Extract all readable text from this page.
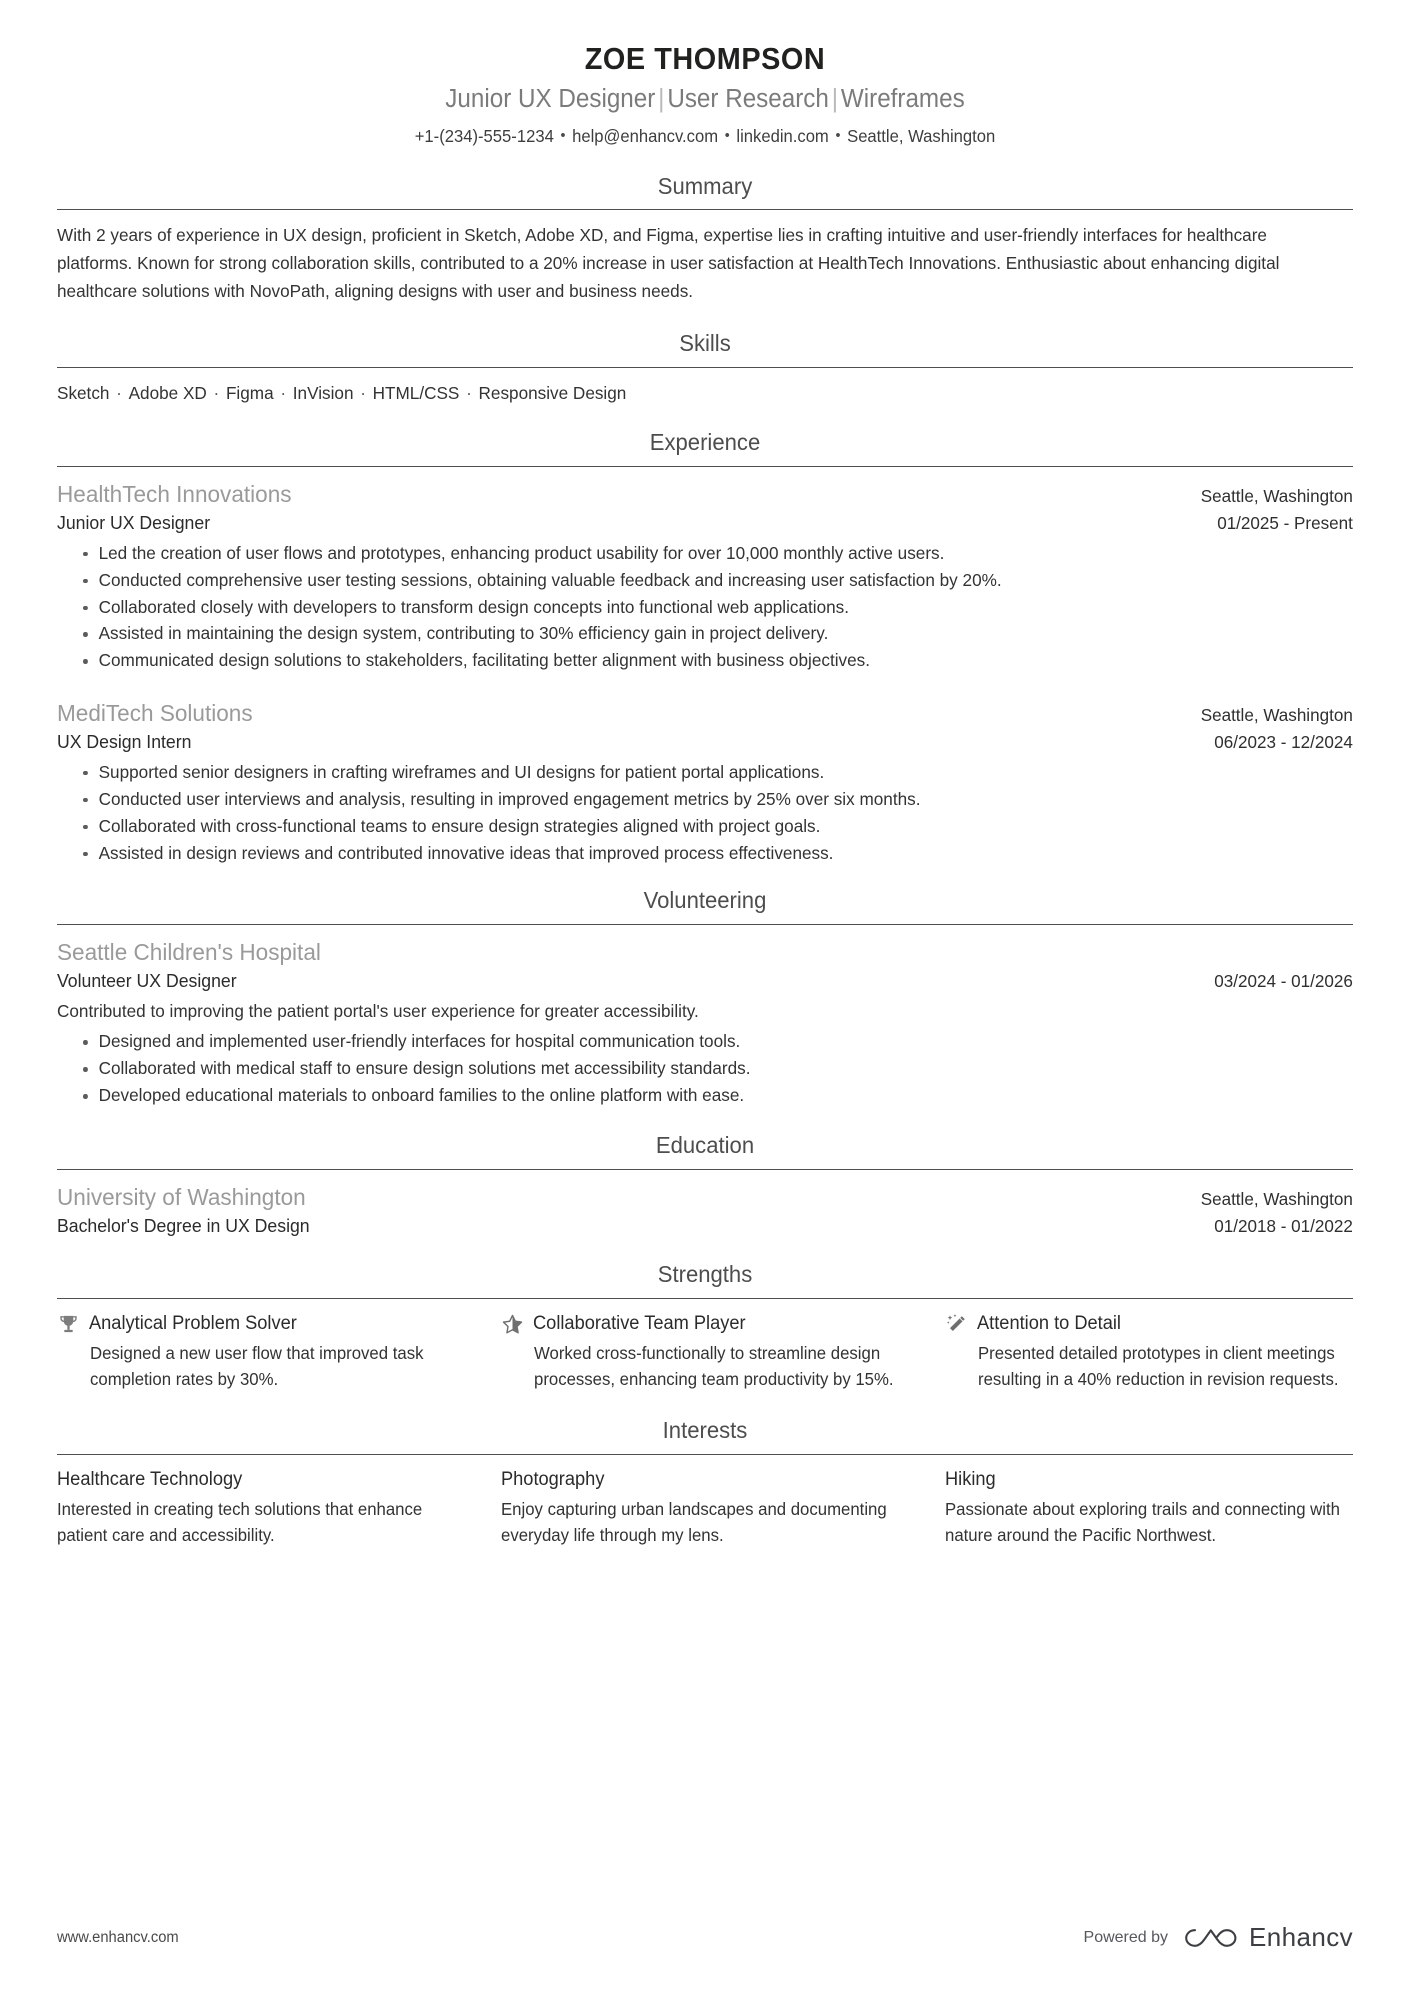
ZOE THOMPSON
Junior UX Designer | User Research | Wireframes
+1-(234)-555-1234 • help@enhancv.com • linkedin.com • Seattle, Washington
Summary
With 2 years of experience in UX design, proficient in Sketch, Adobe XD, and Figma, expertise lies in crafting intuitive and user-friendly interfaces for healthcare platforms. Known for strong collaboration skills, contributed to a 20% increase in user satisfaction at HealthTech Innovations. Enthusiastic about enhancing digital healthcare solutions with NovoPath, aligning designs with user and business needs.
Skills
Sketch · Adobe XD · Figma · InVision · HTML/CSS · Responsive Design
Experience
HealthTech Innovations	Seattle, Washington
Junior UX Designer	01/2025 - Present
Led the creation of user flows and prototypes, enhancing product usability for over 10,000 monthly active users.
Conducted comprehensive user testing sessions, obtaining valuable feedback and increasing user satisfaction by 20%.
Collaborated closely with developers to transform design concepts into functional web applications.
Assisted in maintaining the design system, contributing to 30% efficiency gain in project delivery.
Communicated design solutions to stakeholders, facilitating better alignment with business objectives.
MediTech Solutions	Seattle, Washington
UX Design Intern	06/2023 - 12/2024
Supported senior designers in crafting wireframes and UI designs for patient portal applications.
Conducted user interviews and analysis, resulting in improved engagement metrics by 25% over six months.
Collaborated with cross-functional teams to ensure design strategies aligned with project goals.
Assisted in design reviews and contributed innovative ideas that improved process effectiveness.
Volunteering
Seattle Children's Hospital
Volunteer UX Designer	03/2024 - 01/2026
Contributed to improving the patient portal's user experience for greater accessibility.
Designed and implemented user-friendly interfaces for hospital communication tools.
Collaborated with medical staff to ensure design solutions met accessibility standards.
Developed educational materials to onboard families to the online platform with ease.
Education
University of Washington	Seattle, Washington
Bachelor's Degree in UX Design	01/2018 - 01/2022
Strengths
Analytical Problem Solver
Designed a new user flow that improved task completion rates by 30%.
Collaborative Team Player
Worked cross-functionally to streamline design processes, enhancing team productivity by 15%.
Attention to Detail
Presented detailed prototypes in client meetings resulting in a 40% reduction in revision requests.
Interests
Healthcare Technology
Interested in creating tech solutions that enhance patient care and accessibility.
Photography
Enjoy capturing urban landscapes and documenting everyday life through my lens.
Hiking
Passionate about exploring trails and connecting with nature around the Pacific Northwest.
www.enhancv.com	Powered by	Enhancv
